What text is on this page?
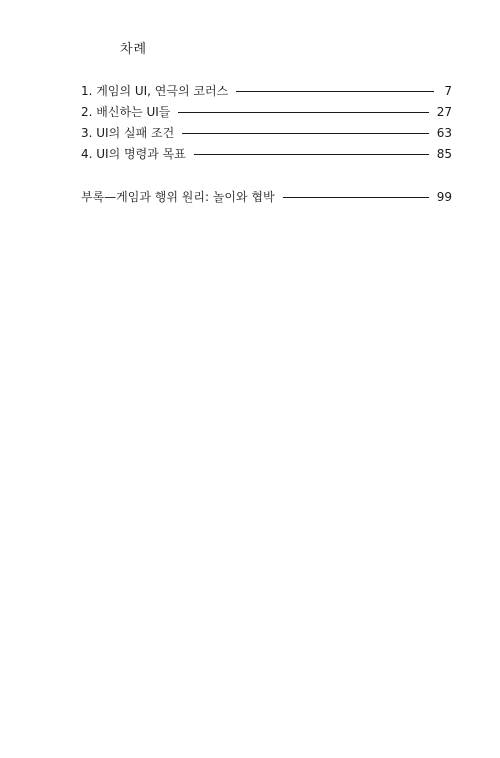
차례
1. 게임의 UI, 연극의 코러스	7
2. 배신하는 UI들	27
3. UI의 실패 조건	63
4. UI의 명령과 목표	85
부록—게임과 행위 원리: 놀이와 협박	99
